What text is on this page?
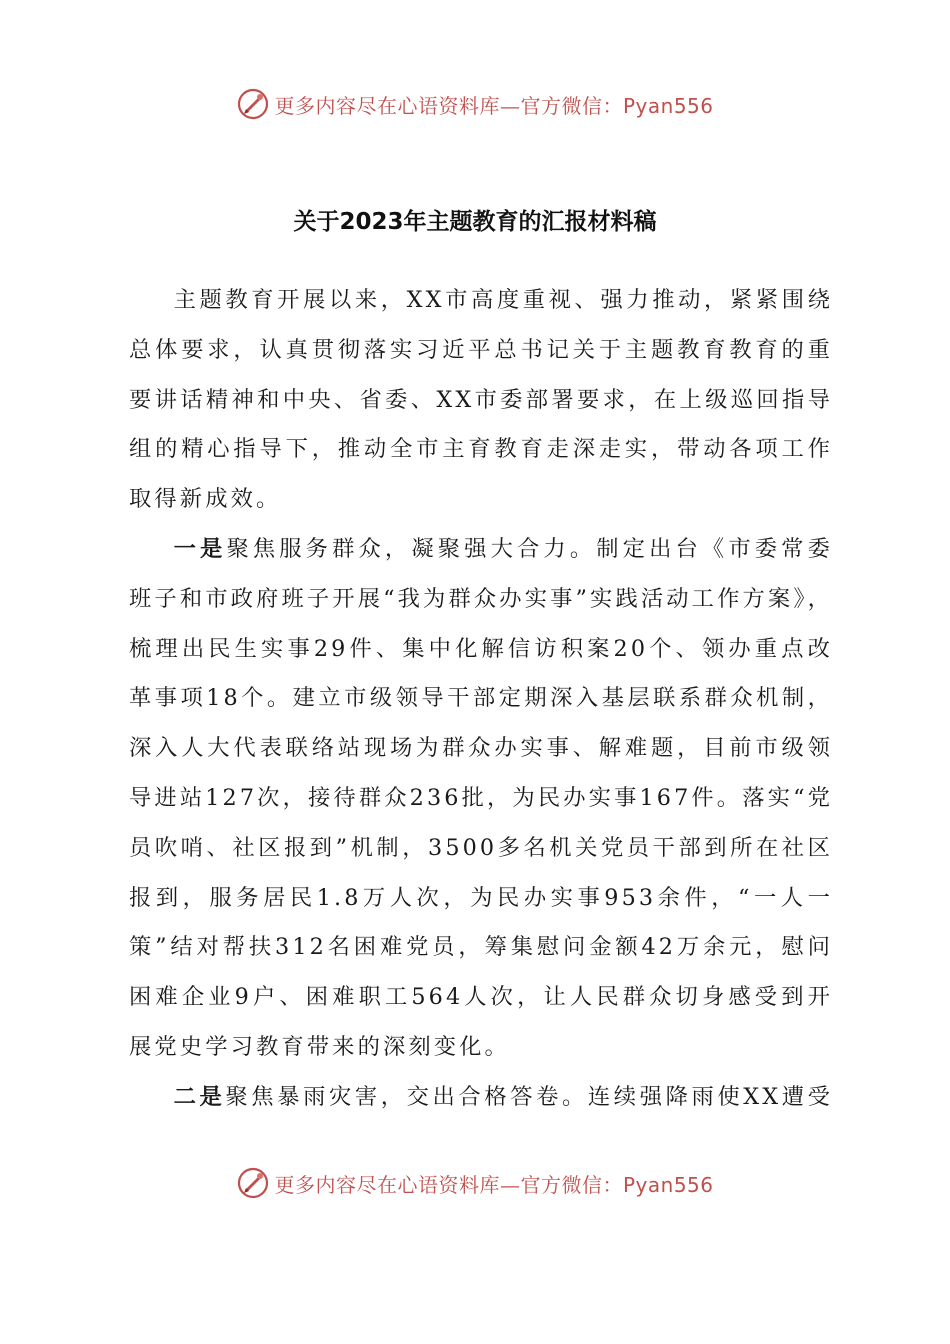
更多内容尽在心语资料库—官方微信：Pyan556
关于2023年主题教育的汇报材料稿

主题教育开展以来，XX市高度重视、强力推动，紧紧围绕总体要求，认真贯彻落实习近平总书记关于主题教育教育的重要讲话精神和中央、省委、XX市委部署要求，在上级巡回指导组的精心指导下，推动全市主育教育走深走实，带动各项工作取得新成效。

一是聚焦服务群众，凝聚强大合力。制定出台《市委常委班子和市政府班子开展“我为群众办实事”实践活动工作方案》，梳理出民生实事29件、集中化解信访积案20个、领办重点改革事项18个。建立市级领导干部定期深入基层联系群众机制，深入人大代表联络站现场为群众办实事、解难题，目前市级领导进站127次，接待群众236批，为民办实事167件。落实“党员吹哨、社区报到”机制，3500多名机关党员干部到所在社区报到，服务居民1.8万人次，为民办实事953余件，“一人一策”结对帮扶312名困难党员，筹集慰问金额42万余元，慰问困难企业9户、困难职工564人次，让人民群众切身感受到开展党史学习教育带来的深刻变化。

二是聚焦暴雨灾害，交出合格答卷。连续强降雨使XX遭受

更多内容尽在心语资料库—官方微信：Pyan556
